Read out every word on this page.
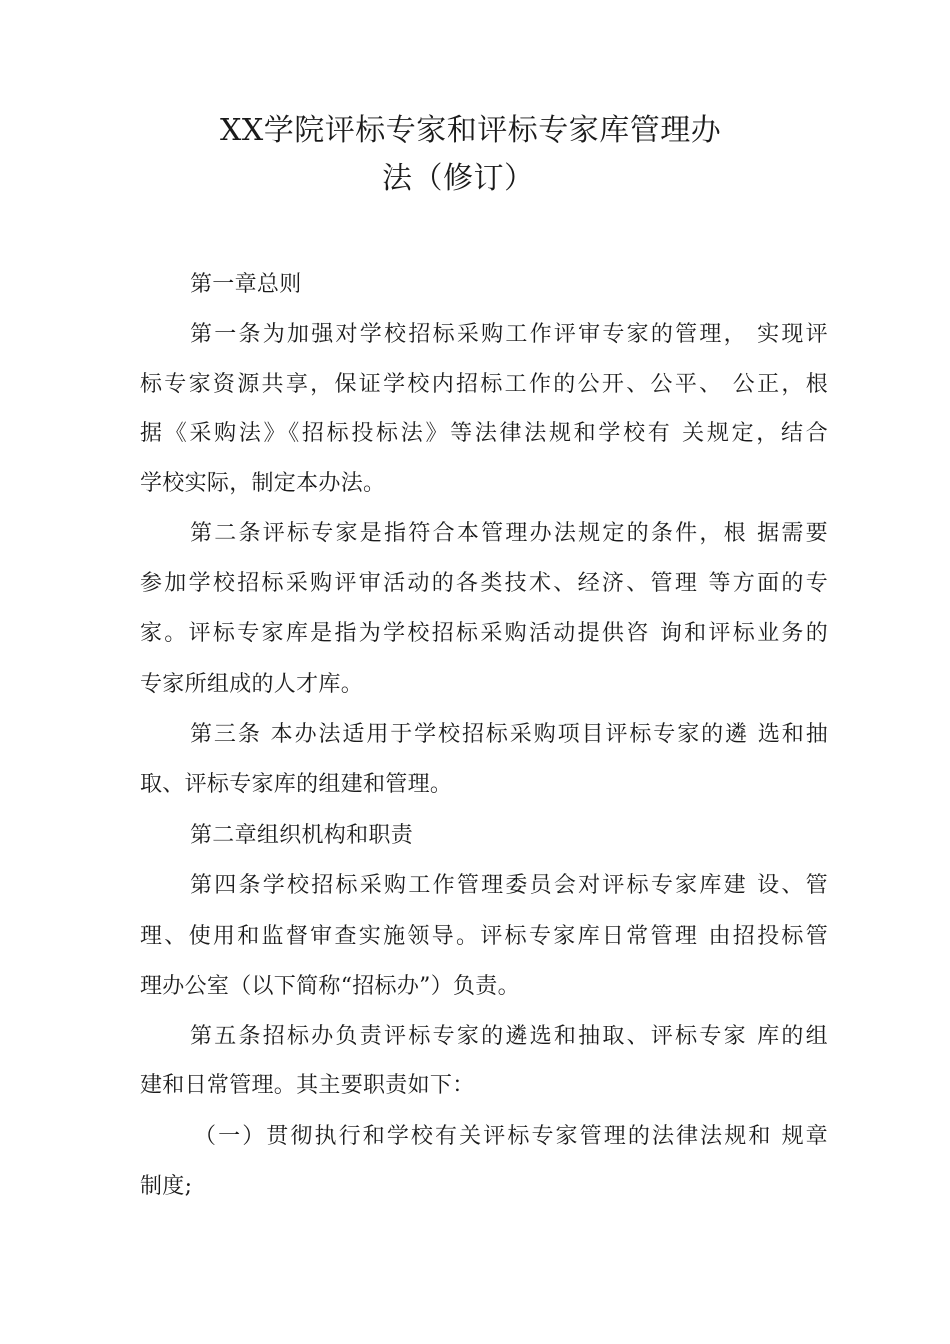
XX学院评标专家和评标专家库管理办
法（修订）
第一章总则
第一条为加强对学校招标采购工作评审专家的管理， 实现评
标专家资源共享，保证学校内招标工作的公开、公平、 公正，根
据《采购法》《招标投标法》等法律法规和学校有 关规定，结合
学校实际，制定本办法。
第二条评标专家是指符合本管理办法规定的条件，根 据需要
参加学校招标采购评审活动的各类技术、经济、管理 等方面的专
家。评标专家库是指为学校招标采购活动提供咨 询和评标业务的
专家所组成的人才库。
第三条 本办法适用于学校招标采购项目评标专家的遴 选和抽
取、评标专家库的组建和管理。
第二章组织机构和职责
第四条学校招标采购工作管理委员会对评标专家库建 设、管
理、使用和监督审查实施领导。评标专家库日常管理 由招投标管
理办公室（以下简称“招标办”）负责。
第五条招标办负责评标专家的遴选和抽取、评标专家 库的组
建和日常管理。其主要职责如下：
（一）贯彻执行和学校有关评标专家管理的法律法规和 规章
制度;
